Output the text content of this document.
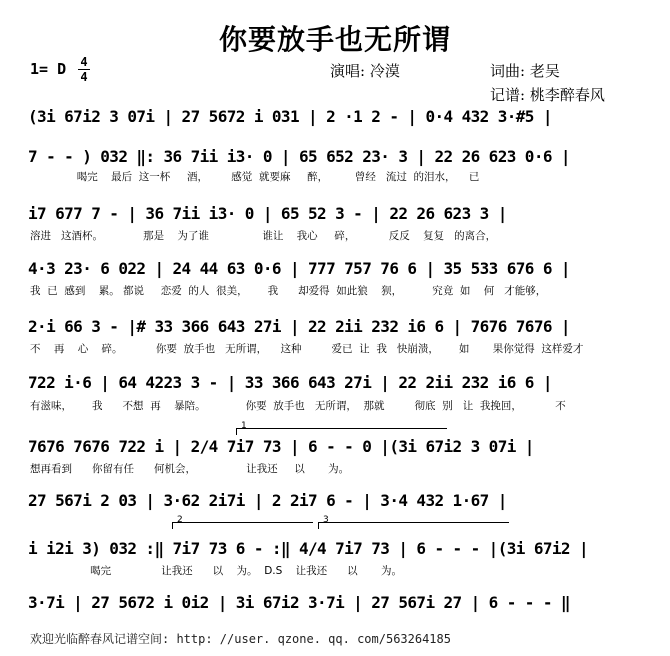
你要放手也无所谓
1= D 4
4	演唱: 冷漠	词曲: 老吴
记谱: 桃李醉春风
(3i 67i2 3 07i | 27 5672 i 031 | 2 ·1 2 - | 0·4 432 3·#5 |
7 - - ) 032 ‖: 36 7ii i3· 0 | 65 652 23· 3 | 22 26 623 0·6 |
喝完    最后  这一杯     酒，       感觉  就要麻     醉，        曾经   流过  的泪水，    已
i7 677 7 - | 36 7ii i3· 0 | 65 52 3 - | 22 26 623 3 |
溶进   这酒杯。            那是    为了谁                谁让    我心     碎，          反反    复复   的离合，
4·3 23· 6 022 | 24 44 63 0·6 | 777 757 76 6 | 35 533 676 6 |
我  已  感到    累。 都说     恋爱  的人  很美，      我      却爱得  如此狼    狈，         究竟  如    何   才能够，
2·i 66 3 - |# 33 366 643 27i | 22 2ii 232 i6 6 | 7676 7676 |
不    再    心    碎。          你要  放手也   无所谓，    这种         爱已  让  我   快崩溃，      如       果你觉得  这样爱才
722 i·6 | 64 4223 3 - | 33 366 643 27i | 22 2ii 232 i6 6 |
有滋味，      我      不想  再    暴陪。            你要  放手也   无所谓，  那就         彻底  别   让  我挽回，          不
1
7676 7676 722 i | 2/4 7i7 73 | 6 - - 0 |(3i 67i2 3 07i |
想再看到      你留有任      何机会，               让我还     以       为。
27 567i 2 03 | 3·62 2i7i | 2 2i7 6 - | 3·4 432 1·67 |
2	3
i i2i 3) 032 :‖ 7i7 73 6 - :‖ 4/4 7i7 73 | 6 - - - |(3i 67i2 |
喝完               让我还      以    为。  D.S    让我还      以       为。
3·7i | 27 5672 i 0i2 | 3i 67i2 3·7i | 27 567i 27 | 6 - - - ‖
欢迎光临醉春风记谱空间: http: //user. qzone. qq. com/563264185
